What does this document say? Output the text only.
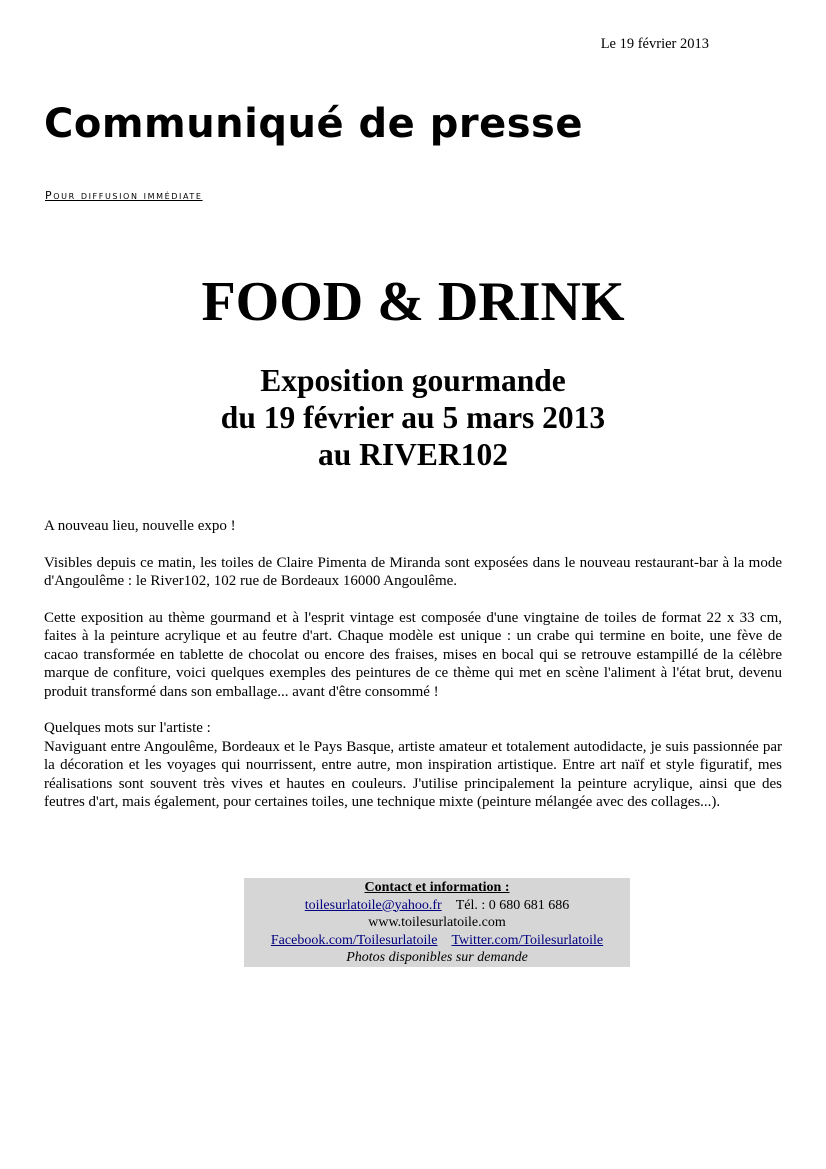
Le 19 février 2013
Communiqué de presse
Pour diffusion immédiate
FOOD & DRINK
Exposition gourmande
du 19 février au 5 mars 2013
au RIVER102

A nouveau lieu, nouvelle expo !

Visibles depuis ce matin, les toiles de Claire Pimenta de Miranda sont exposées dans le nouveau restaurant-bar à la mode d'Angoulême : le River102, 102 rue de Bordeaux 16000 Angoulême.

Cette exposition au thème gourmand et à l'esprit vintage est composée d'une vingtaine de toiles de format 22 x 33 cm, faites à la peinture acrylique et au feutre d'art. Chaque modèle est unique : un crabe qui termine en boite, une fève de cacao transformée en tablette de chocolat ou encore des fraises, mises en bocal qui se retrouve estampillé de la célèbre marque de confiture, voici quelques exemples des peintures de ce thème qui met en scène l'aliment à l'état brut, devenu produit transformé dans son emballage... avant d'être consommé !

Quelques mots sur l'artiste :
Naviguant entre Angoulême, Bordeaux et le Pays Basque, artiste amateur et totalement autodidacte, je suis passionnée par la décoration et les voyages qui nourrissent, entre autre, mon inspiration artistique. Entre art naïf et style figuratif, mes réalisations sont souvent très vives et hautes en couleurs. J'utilise principalement la peinture acrylique, ainsi que des feutres d'art, mais également, pour certaines toiles, une technique mixte (peinture mélangée avec des collages...).

Contact et information :
toilesurlatoile@yahoo.fr Tél. : 0 680 681 686
www.toilesurlatoile.com
Facebook.com/Toilesurlatoile Twitter.com/Toilesurlatoile
Photos disponibles sur demande
